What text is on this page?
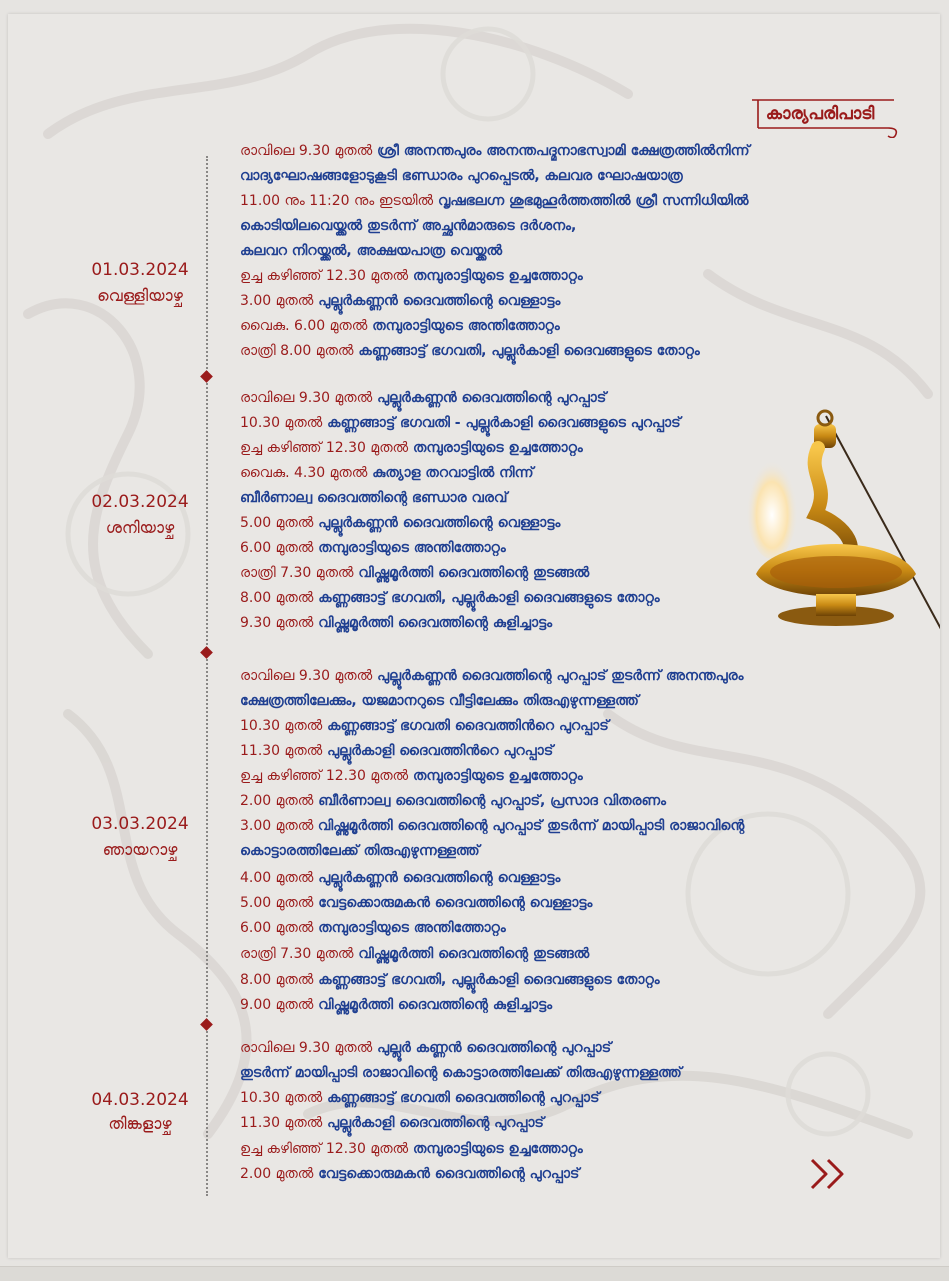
കാര്യപരിപാടി
01.03.2024
വെള്ളിയാഴ്ച
രാവിലെ 9.30 മുതൽ ശ്രീ അനന്തപുരം അനന്തപദ്മനാഭസ്വാമി ക്ഷേത്രത്തിൽനിന്ന്
വാദ്യഘോഷങ്ങളോടുകൂടി ഭണ്ഡാരം പുറപ്പെടൽ, കലവര ഘോഷയാത്ര
11.00 നും 11:20 നും ഇടയിൽ വൃഷഭലഗ്ന ശുഭമുഹൂർത്തത്തിൽ ശ്രീ സന്നിധിയിൽ
കൊടിയിലവെയ്ക്കൽ തുടർന്ന് അച്ഛൻമാരുടെ ദർശനം,
കലവറ നിറയ്ക്കൽ, അക്ഷയപാത്ര വെയ്ക്കൽ
ഉച്ച കഴിഞ്ഞ് 12.30 മുതൽ തമ്പുരാട്ടിയുടെ ഉച്ചത്തോറ്റം
3.00 മുതൽ പുല്ലൂർകണ്ണൻ ദൈവത്തിന്റെ വെള്ളാട്ടം
വൈകു. 6.00 മുതൽ തമ്പുരാട്ടിയുടെ അന്തിത്തോറ്റം
രാത്രി 8.00 മുതൽ കണ്ണങ്ങാട്ട് ഭഗവതി, പുല്ലൂർകാളി ദൈവങ്ങളുടെ തോറ്റം
02.03.2024
ശനിയാഴ്ച
രാവിലെ 9.30 മുതൽ പുല്ലൂർകണ്ണൻ ദൈവത്തിന്റെ പുറപ്പാട്
10.30 മുതൽ കണ്ണങ്ങാട്ട് ഭഗവതി - പുല്ലൂർകാളി ദൈവങ്ങളുടെ പുറപ്പാട്
ഉച്ച കഴിഞ്ഞ് 12.30 മുതൽ തമ്പുരാട്ടിയുടെ ഉച്ചത്തോറ്റം
വൈകു. 4.30 മുതൽ കുത്യാള തറവാട്ടിൽ നിന്ന്
ബീർണാല്വ ദൈവത്തിന്റെ ഭണ്ഡാര വരവ്
5.00 മുതൽ പുല്ലൂർകണ്ണൻ ദൈവത്തിന്റെ വെള്ളാട്ടം
6.00 മുതൽ തമ്പുരാട്ടിയുടെ അന്തിത്തോറ്റം
രാത്രി 7.30 മുതൽ വിഷ്ണുമൂർത്തി ദൈവത്തിന്റെ തുടങ്ങൽ
8.00 മുതൽ കണ്ണങ്ങാട്ട് ഭഗവതി, പുല്ലൂർകാളി ദൈവങ്ങളുടെ തോറ്റം
9.30 മുതൽ വിഷ്ണുമൂർത്തി ദൈവത്തിന്റെ കുളിച്ചാട്ടം
03.03.2024
ഞായറാഴ്ച
രാവിലെ 9.30 മുതൽ പുല്ലൂർകണ്ണൻ ദൈവത്തിന്റെ പുറപ്പാട് തുടർന്ന് അനന്തപുരം
ക്ഷേത്രത്തിലേക്കും, യജമാനറുടെ വീട്ടിലേക്കും തിരുഎഴുന്നള്ളത്ത്
10.30 മുതൽ കണ്ണങ്ങാട്ട് ഭഗവതി ദൈവത്തിൻറെ പുറപ്പാട്
11.30 മുതൽ പുല്ലൂർകാളി ദൈവത്തിൻറെ പുറപ്പാട്
ഉച്ച കഴിഞ്ഞ് 12.30 മുതൽ തമ്പുരാട്ടിയുടെ ഉച്ചത്തോറ്റം
2.00 മുതൽ ബീർണാല്വ ദൈവത്തിന്റെ പുറപ്പാട്, പ്രസാദ വിതരണം
3.00 മുതൽ വിഷ്ണുമൂർത്തി ദൈവത്തിന്റെ പുറപ്പാട് തുടർന്ന് മായിപ്പാടി രാജാവിന്റെ
കൊട്ടാരത്തിലേക്ക് തിരുഎഴുന്നള്ളത്ത്
4.00 മുതൽ പുല്ലൂർകണ്ണൻ ദൈവത്തിന്റെ വെള്ളാട്ടം
5.00 മുതൽ വേട്ടക്കൊരുമകൻ ദൈവത്തിന്റെ വെള്ളാട്ടം
6.00 മുതൽ തമ്പുരാട്ടിയുടെ അന്തിത്തോറ്റം
രാത്രി 7.30 മുതൽ വിഷ്ണുമൂർത്തി ദൈവത്തിന്റെ തുടങ്ങൽ
8.00 മുതൽ കണ്ണങ്ങാട്ട് ഭഗവതി, പുല്ലൂർകാളി ദൈവങ്ങളുടെ തോറ്റം
9.00 മുതൽ വിഷ്ണുമൂർത്തി ദൈവത്തിന്റെ കുളിച്ചാട്ടം
04.03.2024
തിങ്കളാഴ്ച
രാവിലെ 9.30 മുതൽ പുല്ലൂർ കണ്ണൻ ദൈവത്തിന്റെ പുറപ്പാട്
തുടർന്ന് മായിപ്പാടി രാജാവിന്റെ കൊട്ടാരത്തിലേക്ക് തിരുഎഴുന്നള്ളത്ത്
10.30 മുതൽ കണ്ണങ്ങാട്ട് ഭഗവതി ദൈവത്തിന്റെ പുറപ്പാട്
11.30 മുതൽ പുല്ലൂർകാളി ദൈവത്തിന്റെ പുറപ്പാട്
ഉച്ച കഴിഞ്ഞ് 12.30 മുതൽ തമ്പുരാട്ടിയുടെ ഉച്ചത്തോറ്റം
2.00 മുതൽ വേട്ടക്കൊരുമകൻ ദൈവത്തിന്റെ പുറപ്പാട്
